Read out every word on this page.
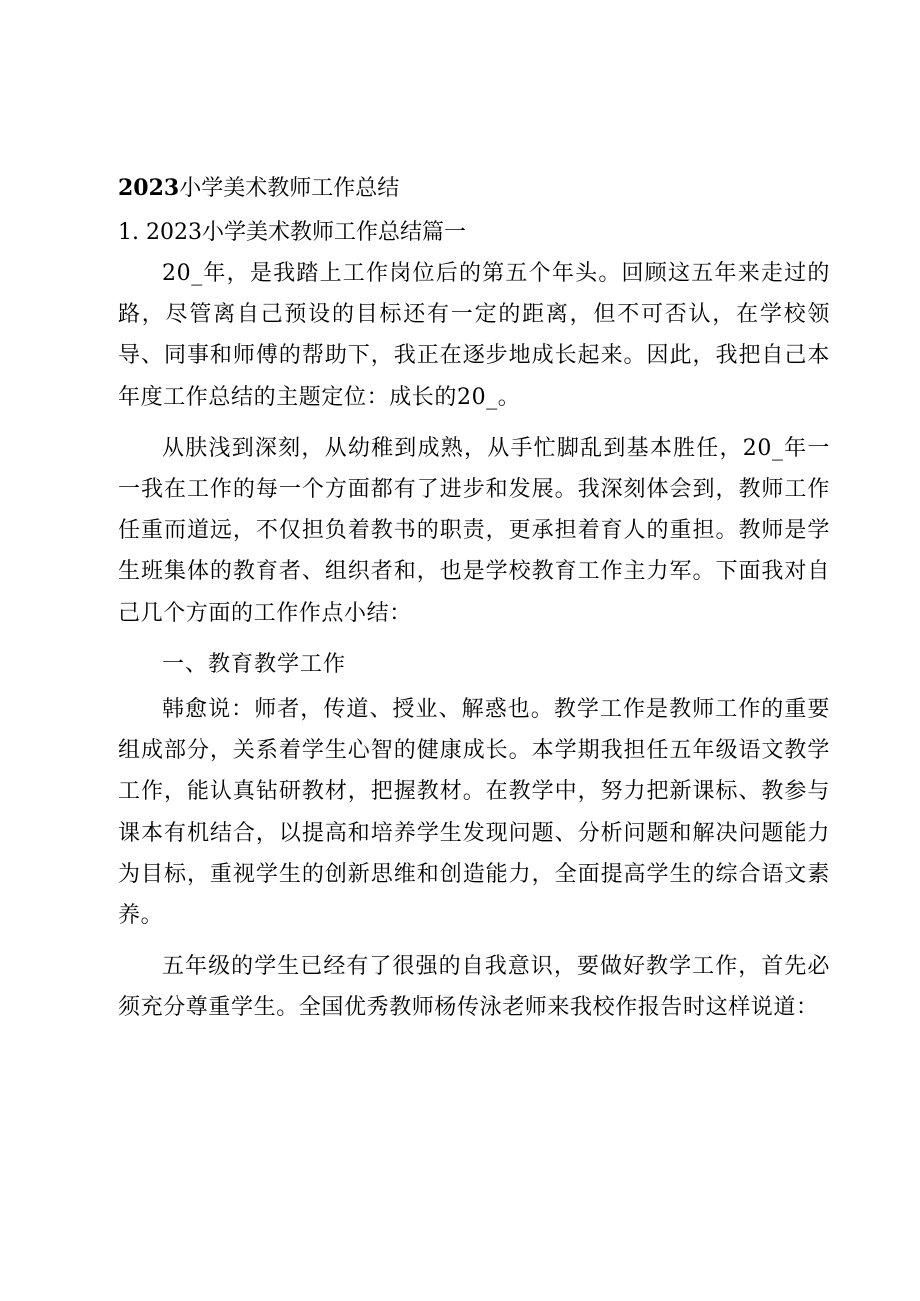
2023小学美术教师工作总结
1. 2023小学美术教师工作总结篇一

20_年，是我踏上工作岗位后的第五个年头。回顾这五年来走过的路，尽管离自己预设的目标还有一定的距离，但不可否认，在学校领导、同事和师傅的帮助下，我正在逐步地成长起来。因此，我把自己本年度工作总结的主题定位：成长的20_。

从肤浅到深刻，从幼稚到成熟，从手忙脚乱到基本胜任，20_年一一我在工作的每一个方面都有了进步和发展。我深刻体会到，教师工作任重而道远，不仅担负着教书的职责，更承担着育人的重担。教师是学生班集体的教育者、组织者和，也是学校教育工作主力军。下面我对自己几个方面的工作作点小结：

一、教育教学工作

韩愈说：师者，传道、授业、解惑也。教学工作是教师工作的重要组成部分，关系着学生心智的健康成长。本学期我担任五年级语文教学工作，能认真钻研教材，把握教材。在教学中，努力把新课标、教参与课本有机结合，以提高和培养学生发现问题、分析问题和解决问题能力为目标，重视学生的创新思维和创造能力，全面提高学生的综合语文素养。

五年级的学生已经有了很强的自我意识，要做好教学工作，首先必须充分尊重学生。全国优秀教师杨传泳老师来我校作报告时这样说道：
